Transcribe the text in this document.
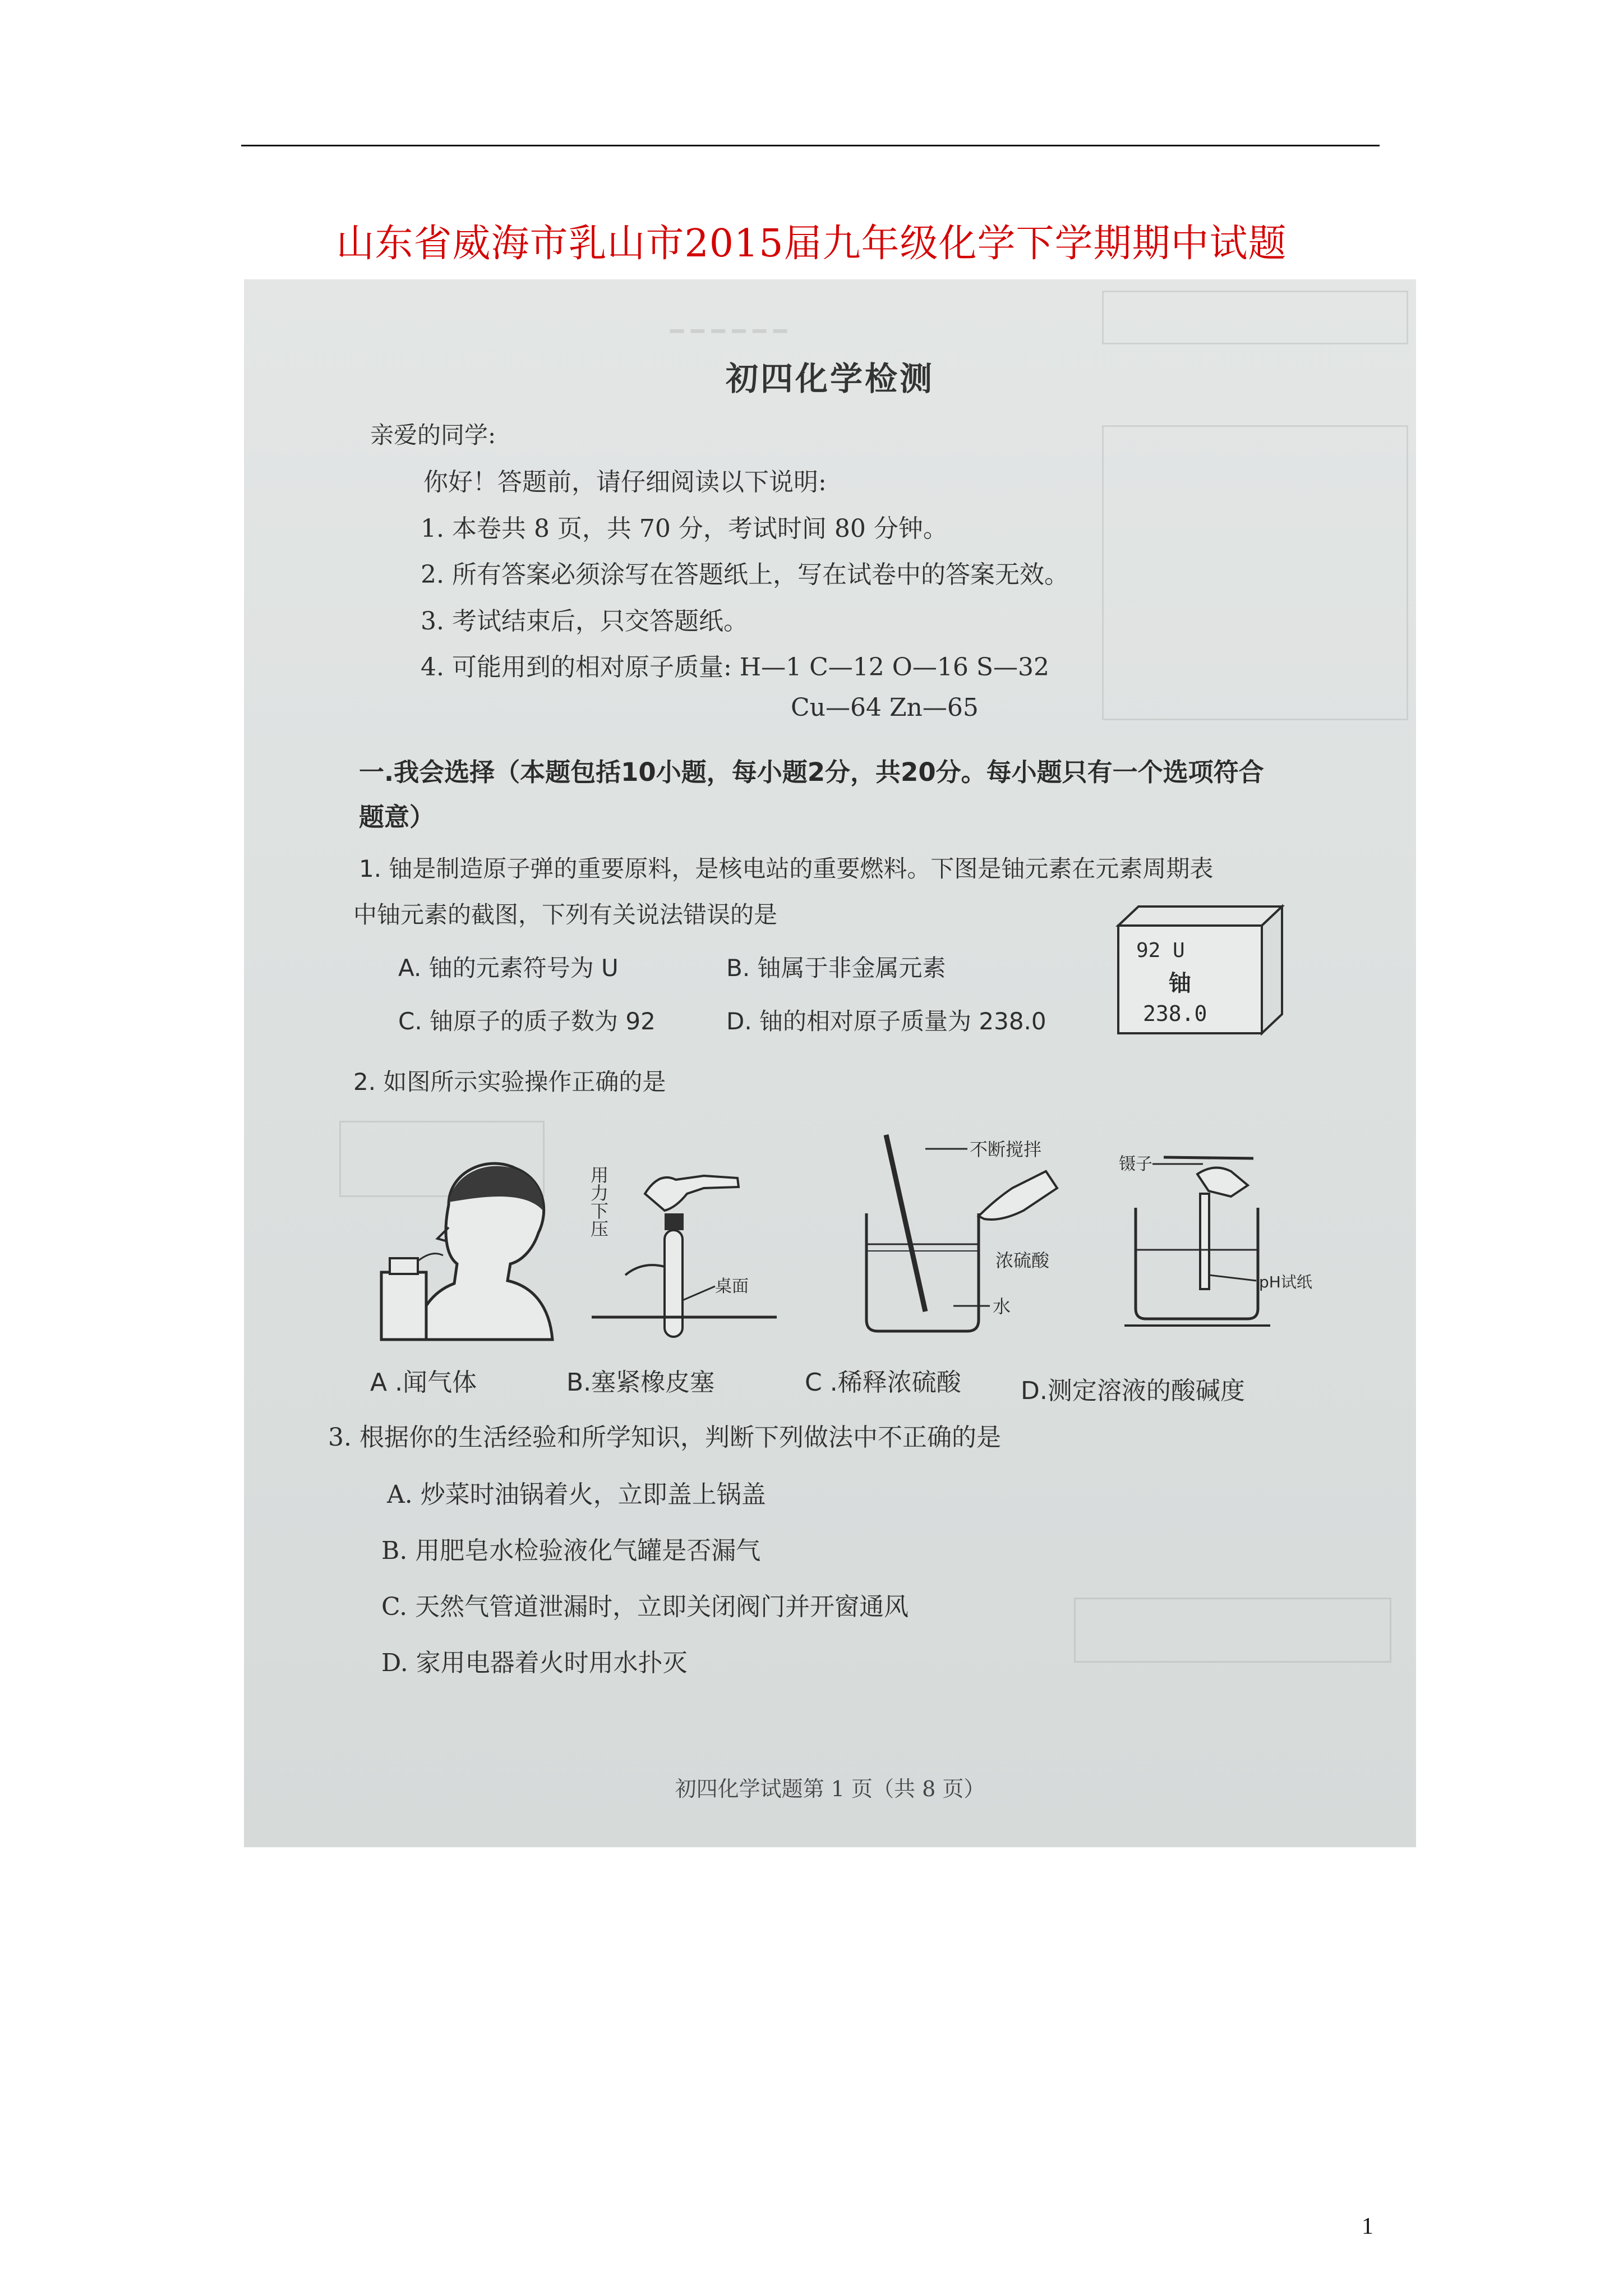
山东省威海市乳山市2015届九年级化学下学期期中试题
━ ━ ━ ━ ━ ━
初四化学检测
亲爱的同学:
你好！答题前，请仔细阅读以下说明:
1. 本卷共 8 页，共 70 分，考试时间 80 分钟。
2. 所有答案必须涂写在答题纸上，写在试卷中的答案无效。
3. 考试结束后，只交答题纸。
4. 可能用到的相对原子质量: H—1 C—12 O—16 S—32
Cu—64 Zn—65
一.我会选择（本题包括10小题，每小题2分，共20分。每小题只有一个选项符合
题意）
1. 铀是制造原子弹的重要原料，是核电站的重要燃料。下图是铀元素在元素周期表
中铀元素的截图，下列有关说法错误的是
A. 铀的元素符号为 U	B. 铀属于非金属元素
C. 铀原子的质子数为 92	D. 铀的相对原子质量为 238.0
92 U
铀
238.0
2. 如图所示实验操作正确的是
用力下压
桌面
不断搅拌
浓硫酸
水
镊子
pH试纸
A .闻气体	B.塞紧橡皮塞	C .稀释浓硫酸 D.测定溶液的酸碱度
3. 根据你的生活经验和所学知识，判断下列做法中不正确的是
A. 炒菜时油锅着火，立即盖上锅盖
B. 用肥皂水检验液化气罐是否漏气
C. 天然气管道泄漏时，立即关闭阀门并开窗通风
D. 家用电器着火时用水扑灭
初四化学试题第 1 页（共 8 页）
1
